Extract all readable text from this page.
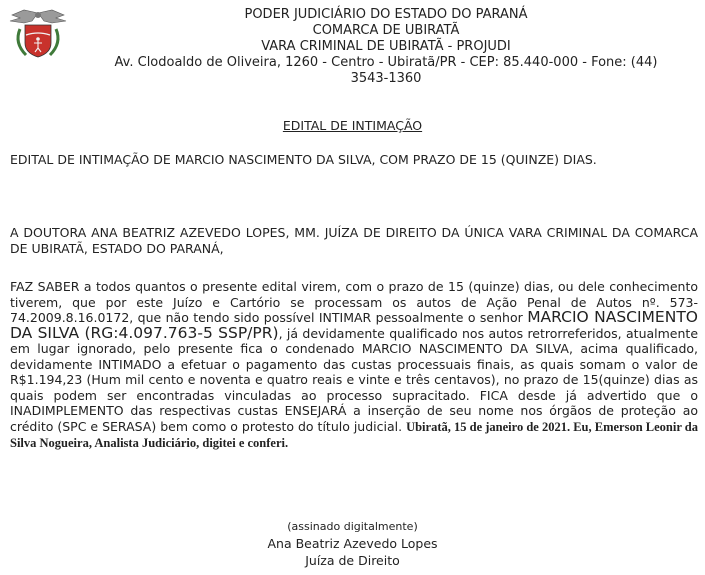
PODER JUDICIÁRIO DO ESTADO DO PARANÁ
COMARCA DE UBIRATÃ
VARA CRIMINAL DE UBIRATÃ - PROJUDI
Av. Clodoaldo de Oliveira, 1260 - Centro - Ubiratã/PR - CEP: 85.440-000 - Fone: (44)
3543-1360
EDITAL DE INTIMAÇÃO
EDITAL DE INTIMAÇÃO DE MARCIO NASCIMENTO DA SILVA, COM PRAZO DE 15 (QUINZE) DIAS.
A DOUTORA ANA BEATRIZ AZEVEDO LOPES, MM. JUÍZA DE DIREITO DA ÚNICA VARA CRIMINAL DA COMARCA DE UBIRATÃ, ESTADO DO PARANÁ,
FAZ SABER a todos quantos o presente edital virem, com o prazo de 15 (quinze) dias, ou dele conhecimento tiverem, que por este Juízo e Cartório se processam os autos de Ação Penal de Autos nº. 573-74.2009.8.16.0172, que não tendo sido possível INTIMAR pessoalmente o senhor MARCIO NASCIMENTO DA SILVA (RG:4.097.763-5 SSP/PR), já devidamente qualificado nos autos retrorreferidos, atualmente em lugar ignorado, pelo presente fica o condenado MARCIO NASCIMENTO DA SILVA, acima qualificado, devidamente INTIMADO a efetuar o pagamento das custas processuais finais, as quais somam o valor de R$1.194,23 (Hum mil cento e noventa e quatro reais e vinte e três centavos), no prazo de 15(quinze) dias as quais podem ser encontradas vinculadas ao processo supracitado. FICA desde já advertido que o INADIMPLEMENTO das respectivas custas ENSEJARÁ a inserção de seu nome nos órgãos de proteção ao crédito (SPC e SERASA) bem como o protesto do título judicial. Ubiratã, 15 de janeiro de 2021. Eu, Emerson Leonir da Silva Nogueira, Analista Judiciário, digitei e conferi.
(assinado digitalmente)
Ana Beatriz Azevedo Lopes
Juíza de Direito
